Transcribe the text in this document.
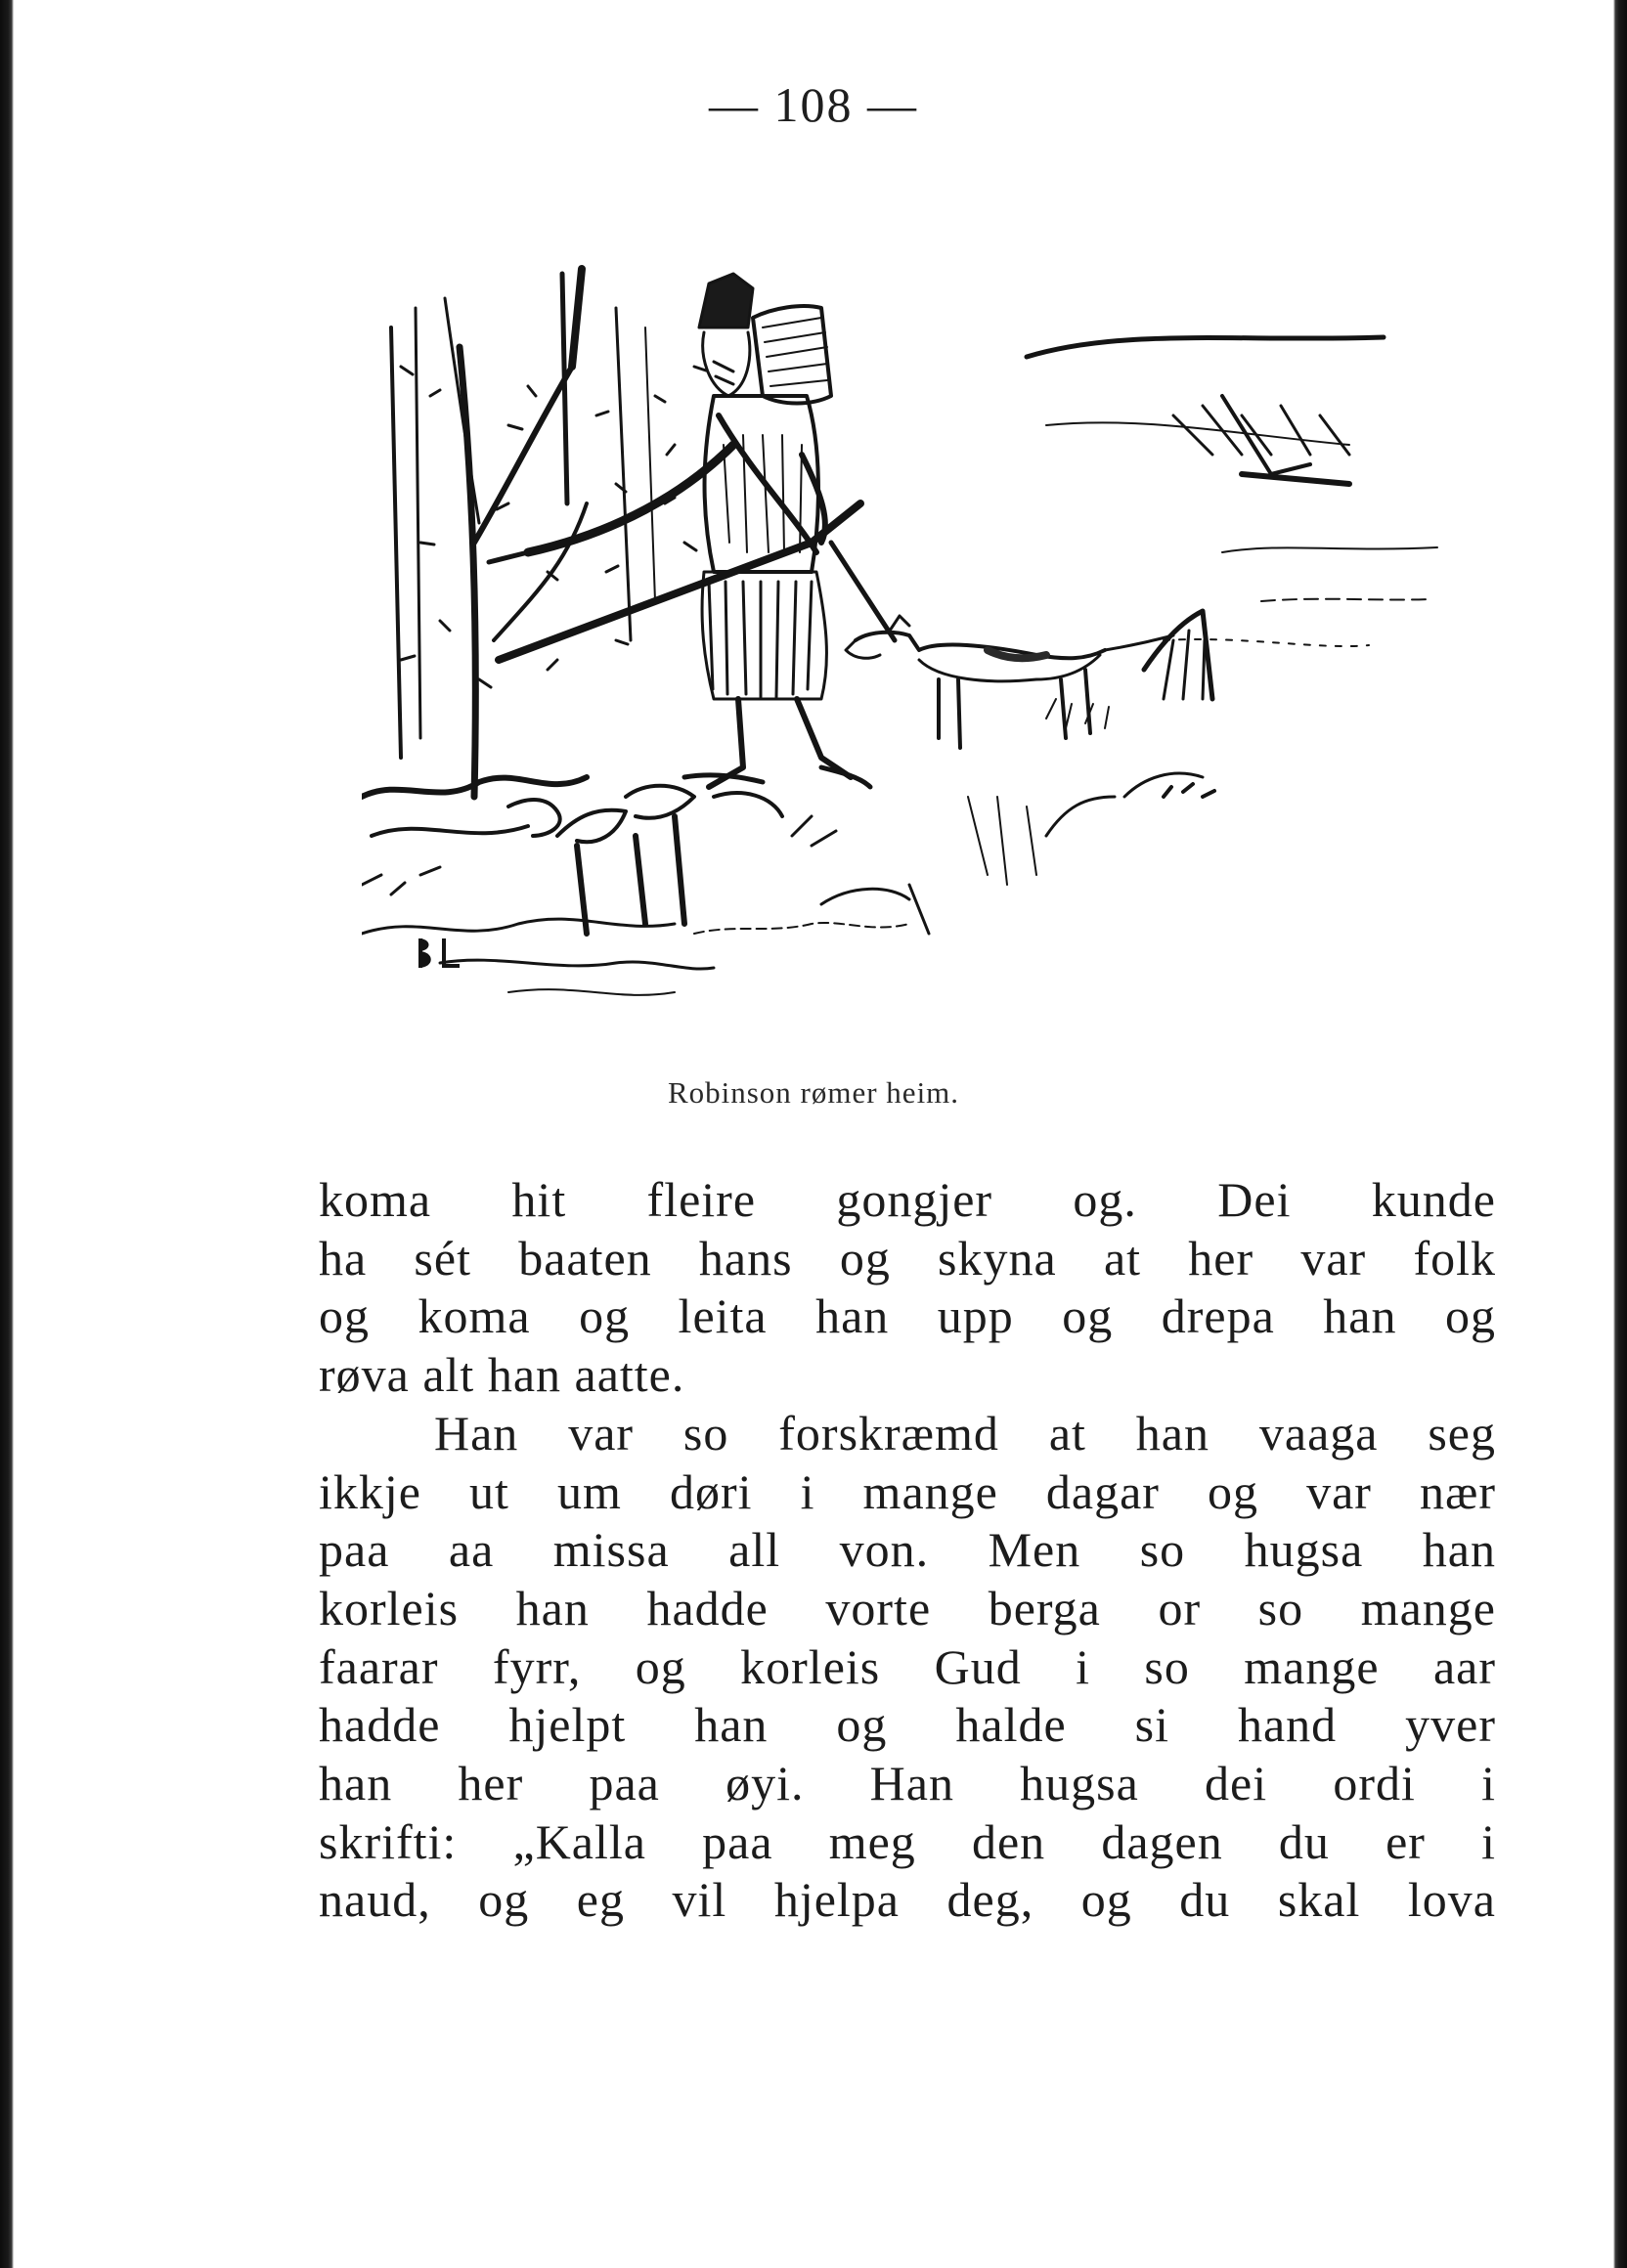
— 108 —
Robinson rømer heim.
koma hit fleire gongjer og. Dei kunde
ha sét baaten hans og skyna at her var folk
og koma og leita han upp og drepa han og
røva alt han aatte.
Han var so forskræmd at han vaaga seg
ikkje ut um døri i mange dagar og var nær
paa aa missa all von. Men so hugsa han
korleis han hadde vorte berga or so mange
faarar fyrr, og korleis Gud i so mange aar
hadde hjelpt han og halde si hand yver
han her paa øyi. Han hugsa dei ordi i
skrifti: „Kalla paa meg den dagen du er i
naud, og eg vil hjelpa deg, og du skal lova
